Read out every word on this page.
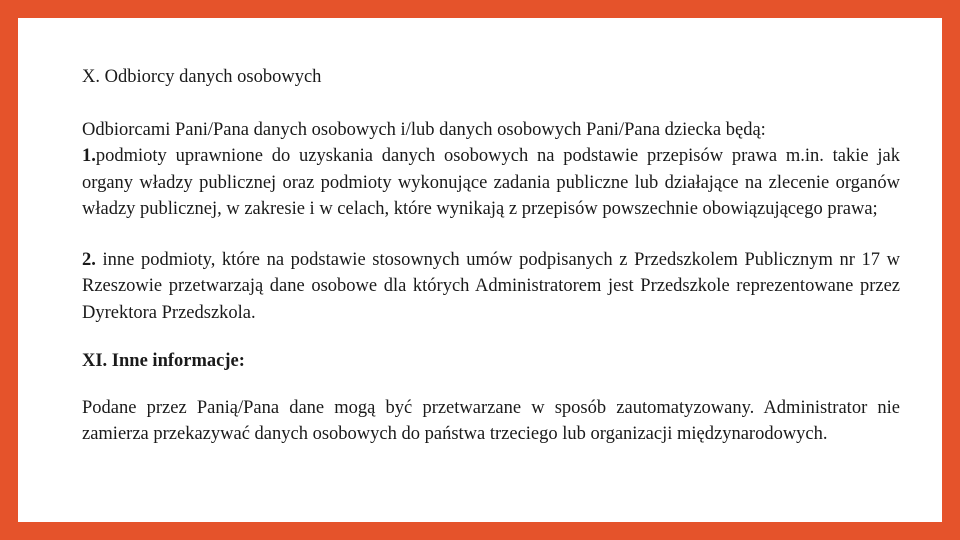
X. Odbiorcy danych osobowych

Odbiorcami Pani/Pana danych osobowych i/lub danych osobowych Pani/Pana dziecka będą:

1.podmioty uprawnione do uzyskania danych osobowych na podstawie przepisów prawa m.in. takie jak organy władzy publicznej oraz podmioty wykonujące zadania publiczne lub działające na zlecenie organów władzy publicznej, w zakresie i w celach, które wynikają z przepisów powszechnie obowiązującego prawa;

2. inne podmioty, które na podstawie stosownych umów podpisanych z Przedszkolem Publicznym nr 17 w Rzeszowie przetwarzają dane osobowe dla których Administratorem jest Przedszkole reprezentowane przez Dyrektora Przedszkola.

XI. Inne informacje:

Podane przez Panią/Pana dane mogą być przetwarzane w sposób zautomatyzowany. Administrator nie zamierza przekazywać danych osobowych do państwa trzeciego lub organizacji międzynarodowych.
